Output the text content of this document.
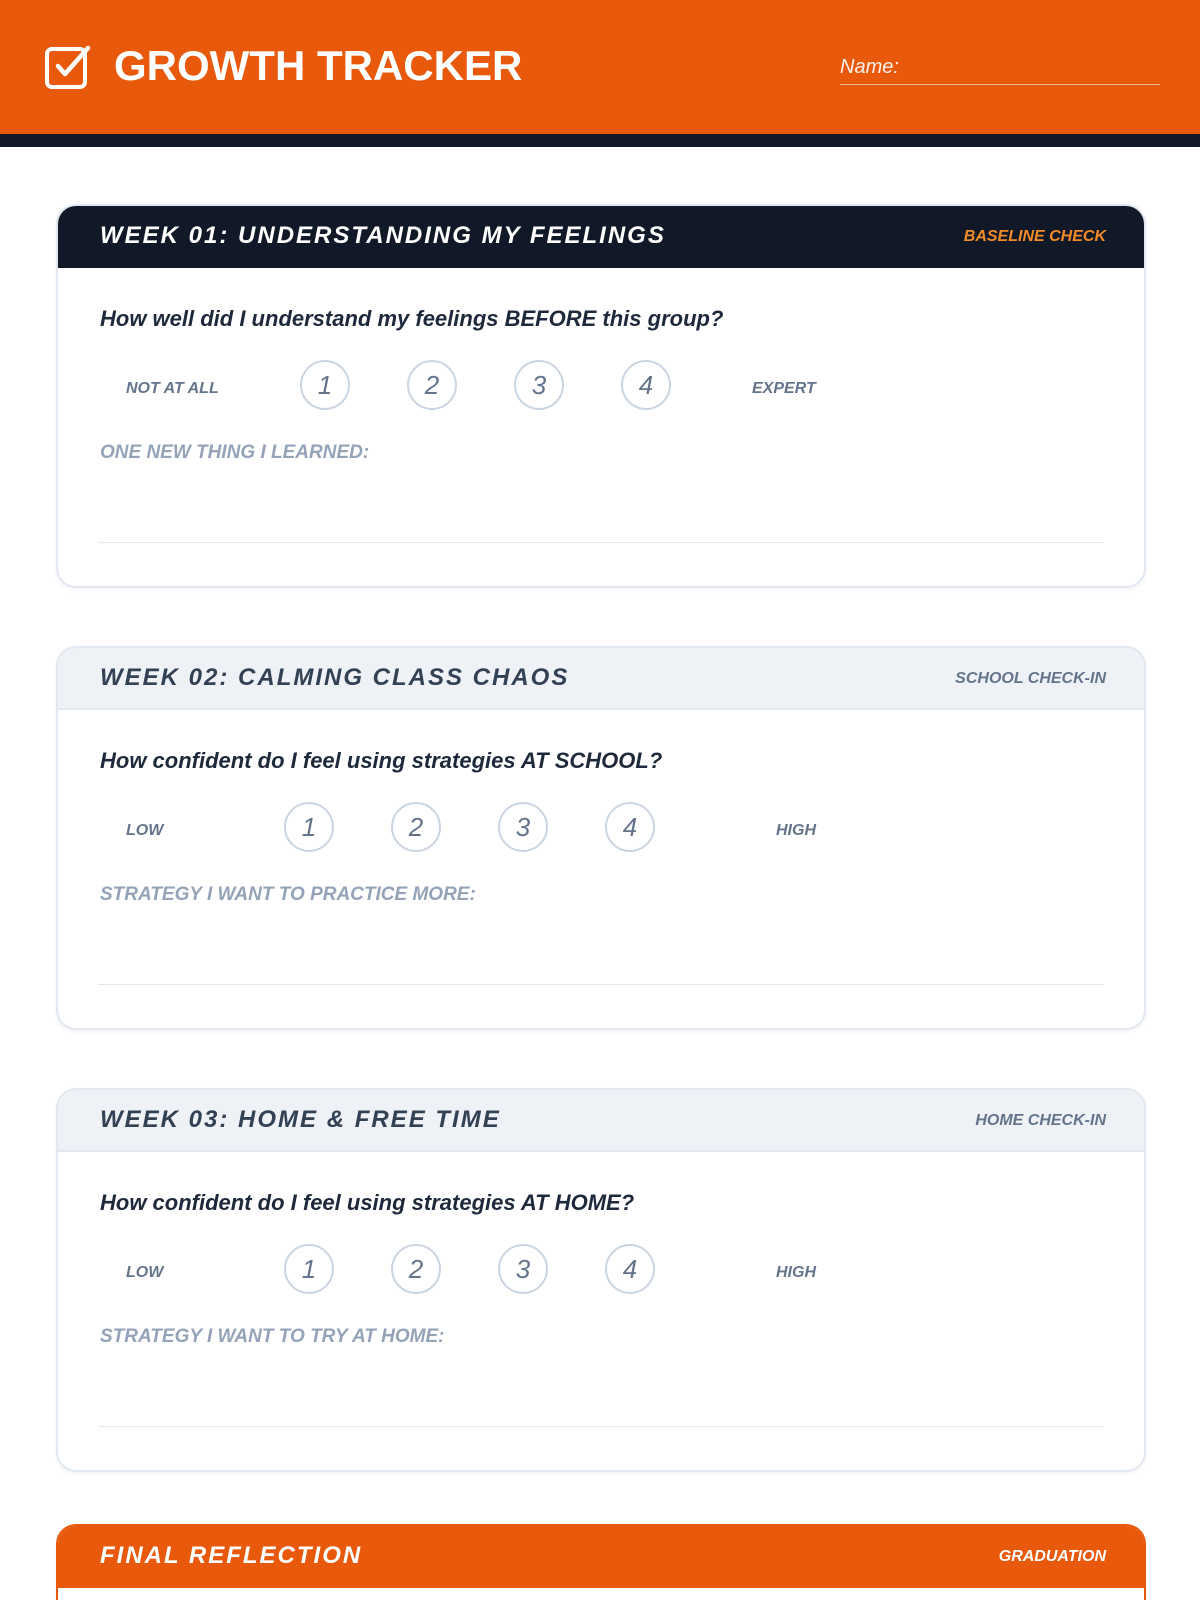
GROWTH TRACKER
Name:
WEEK 01: UNDERSTANDING MY FEELINGS	BASELINE CHECK
How well did I understand my feelings BEFORE this group?
NOT AT ALL	1	2	3	4	EXPERT
ONE NEW THING I LEARNED:
WEEK 02: CALMING CLASS CHAOS	SCHOOL CHECK-IN
How confident do I feel using strategies AT SCHOOL?
LOW	1	2	3	4	HIGH
STRATEGY I WANT TO PRACTICE MORE:
WEEK 03: HOME & FREE TIME	HOME CHECK-IN
How confident do I feel using strategies AT HOME?
LOW	1	2	3	4	HIGH
STRATEGY I WANT TO TRY AT HOME:
FINAL REFLECTION	GRADUATION
